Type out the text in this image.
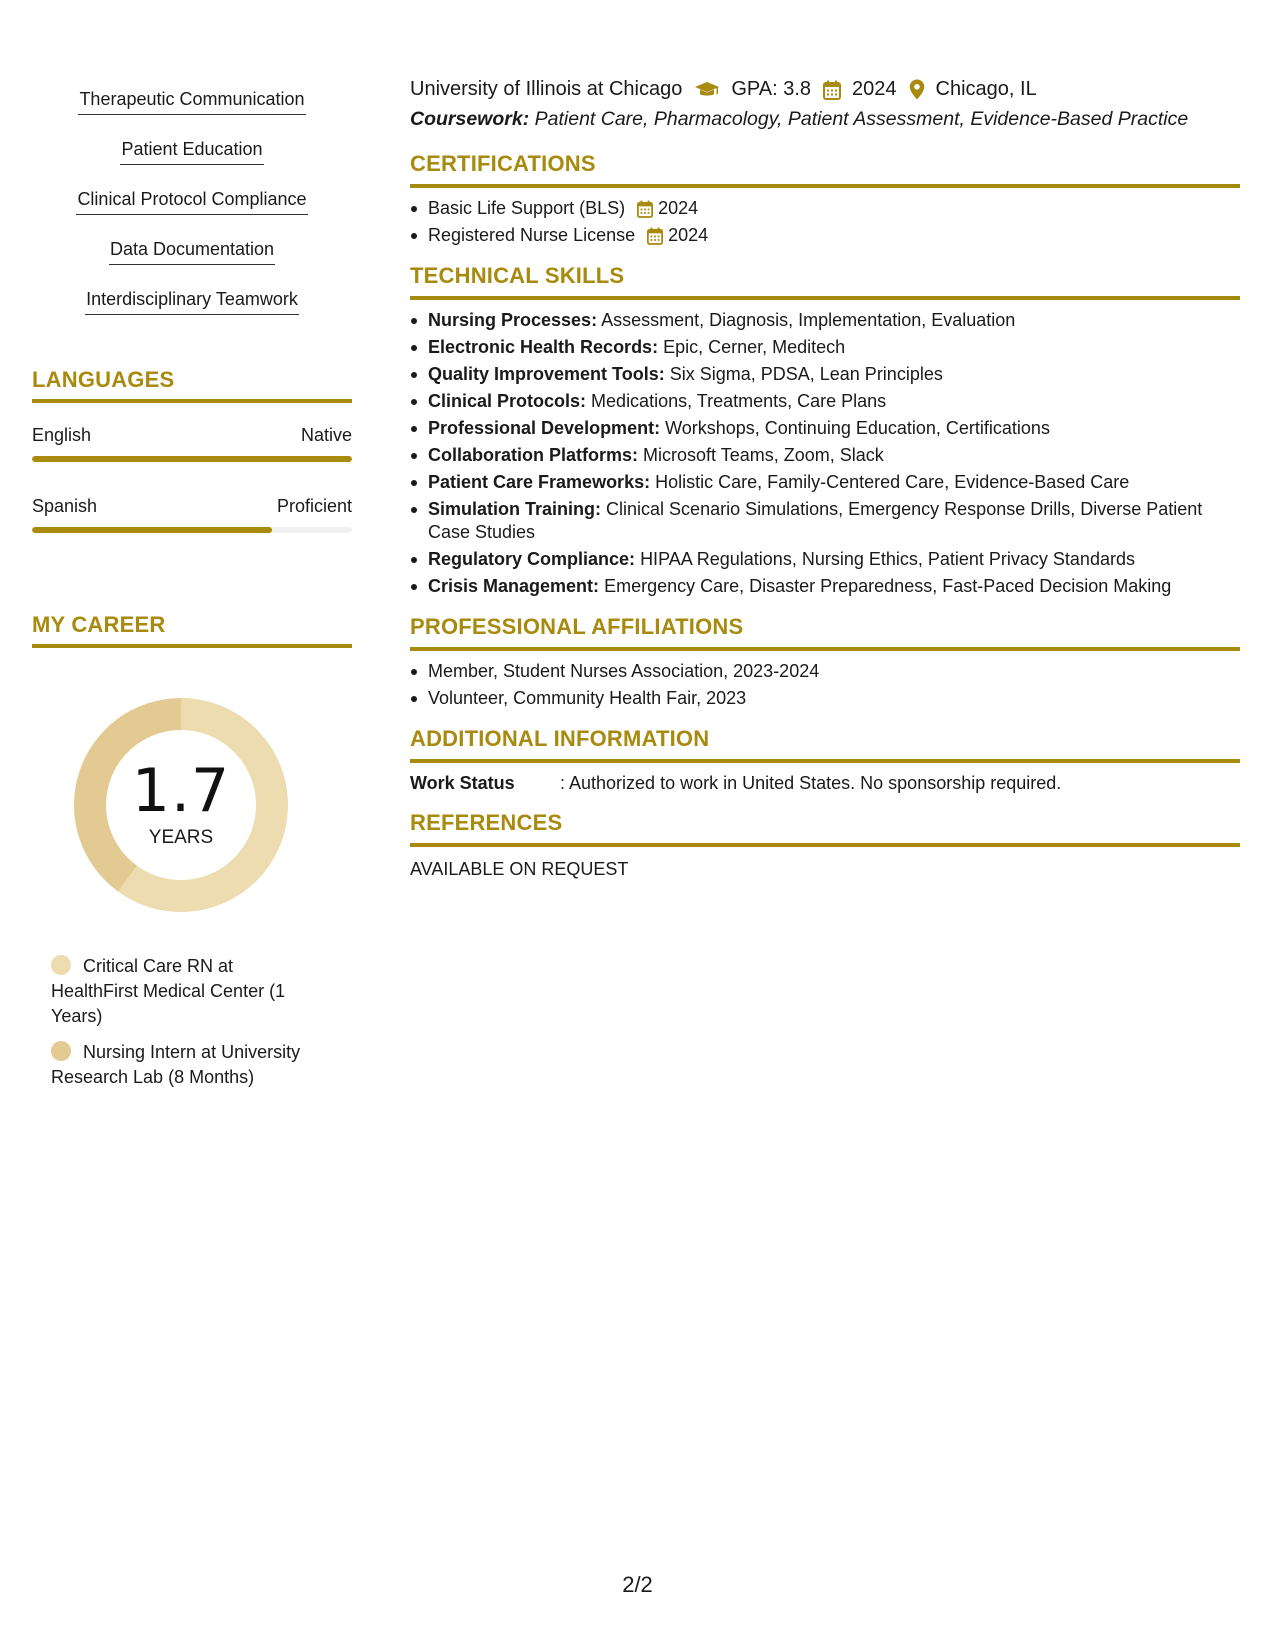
Therapeutic Communication
Patient Education
Clinical Protocol Compliance
Data Documentation
Interdisciplinary Teamwork
LANGUAGES
English	Native
Spanish	Proficient
MY CAREER
1.7
YEARS
Critical Care RN at HealthFirst Medical Center (1 Years)
Nursing Intern at University Research Lab (8 Months)
University of Illinois at Chicago GPA: 3.8 2024 Chicago, IL
Coursework: Patient Care, Pharmacology, Patient Assessment, Evidence-Based Practice
CERTIFICATIONS
Basic Life Support (BLS) 2024
Registered Nurse License 2024
TECHNICAL SKILLS
Nursing Processes: Assessment, Diagnosis, Implementation, Evaluation
Electronic Health Records: Epic, Cerner, Meditech
Quality Improvement Tools: Six Sigma, PDSA, Lean Principles
Clinical Protocols: Medications, Treatments, Care Plans
Professional Development: Workshops, Continuing Education, Certifications
Collaboration Platforms: Microsoft Teams, Zoom, Slack
Patient Care Frameworks: Holistic Care, Family-Centered Care, Evidence-Based Care
Simulation Training: Clinical Scenario Simulations, Emergency Response Drills, Diverse Patient Case Studies
Regulatory Compliance: HIPAA Regulations, Nursing Ethics, Patient Privacy Standards
Crisis Management: Emergency Care, Disaster Preparedness, Fast-Paced Decision Making
PROFESSIONAL AFFILIATIONS
Member, Student Nurses Association, 2023-2024
Volunteer, Community Health Fair, 2023
ADDITIONAL INFORMATION
Work Status	: Authorized to work in United States. No sponsorship required.
REFERENCES
AVAILABLE ON REQUEST
2/2
